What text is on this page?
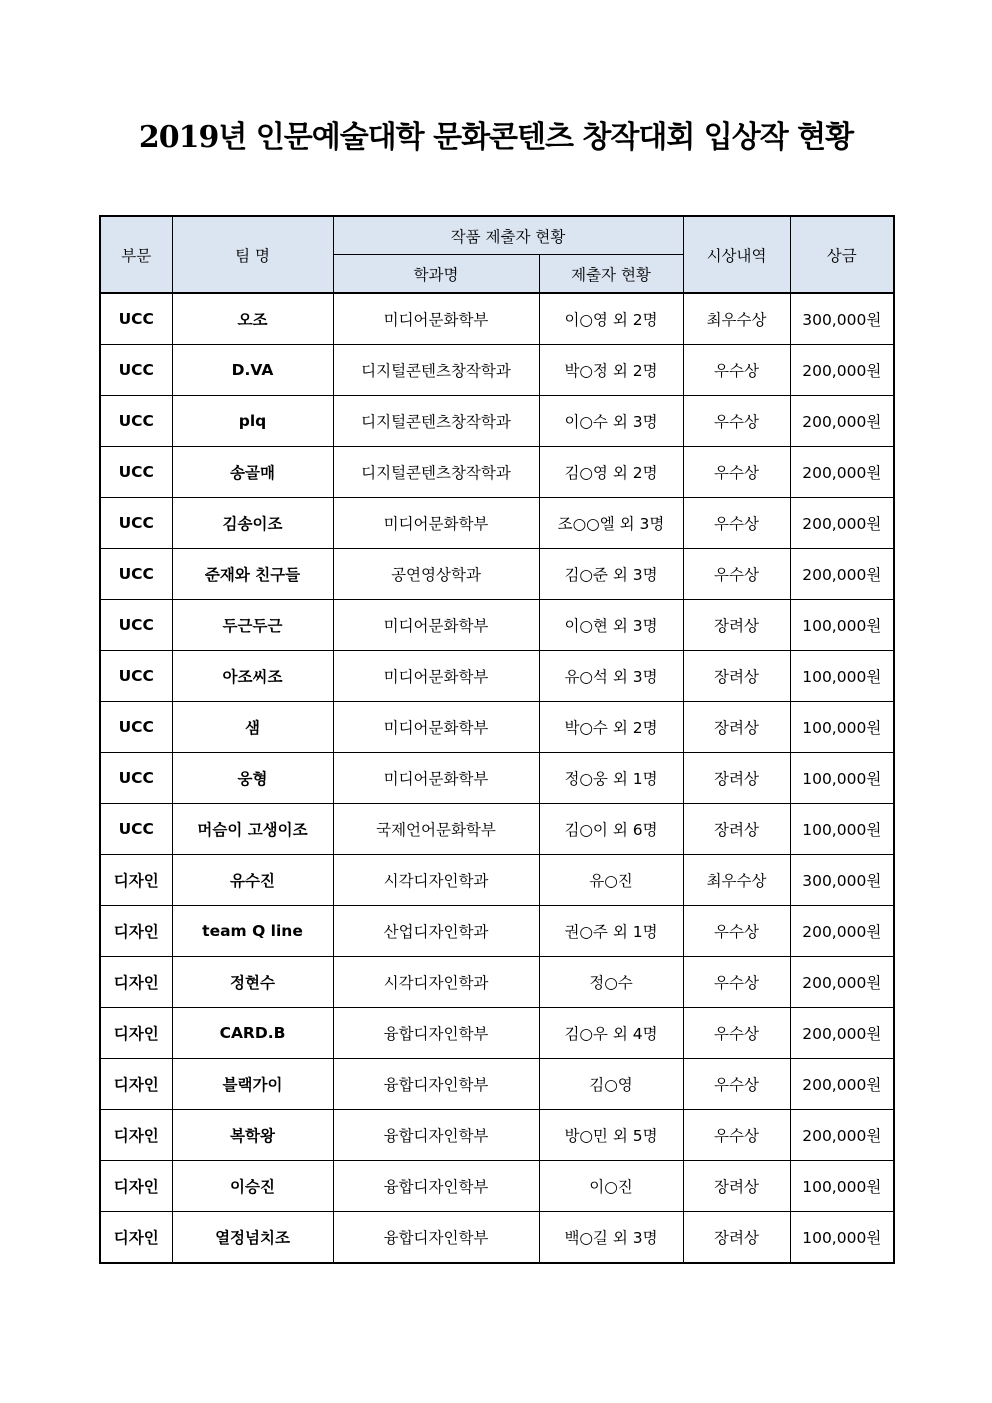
2019년 인문예술대학 문화콘텐츠 창작대회 입상작 현황
부문	팀 명	작품 제출자 현황		시상내역	상금
		학과명	제출자 현황		
UCC	오조	미디어문화학부	이○영 외 2명	최우수상	300,000원
UCC	D.VA	디지털콘텐츠창작학과	박○정 외 2명	우수상	200,000원
UCC	plq	디지털콘텐츠창작학과	이○수 외 3명	우수상	200,000원
UCC	송골매	디지털콘텐츠창작학과	김○영 외 2명	우수상	200,000원
UCC	김송이조	미디어문화학부	조○○엘 외 3명	우수상	200,000원
UCC	준재와 친구들	공연영상학과	김○준 외 3명	우수상	200,000원
UCC	두근두근	미디어문화학부	이○현 외 3명	장려상	100,000원
UCC	아조씨조	미디어문화학부	유○석 외 3명	장려상	100,000원
UCC	샘	미디어문화학부	박○수 외 2명	장려상	100,000원
UCC	웅형	미디어문화학부	정○웅 외 1명	장려상	100,000원
UCC	머슴이 고생이조	국제언어문화학부	김○이 외 6명	장려상	100,000원
디자인	유수진	시각디자인학과	유○진	최우수상	300,000원
디자인	team Q line	산업디자인학과	권○주 외 1명	우수상	200,000원
디자인	정현수	시각디자인학과	정○수	우수상	200,000원
디자인	CARD.B	융합디자인학부	김○우 외 4명	우수상	200,000원
디자인	블랙가이	융합디자인학부	김○영	우수상	200,000원
디자인	복학왕	융합디자인학부	방○민 외 5명	우수상	200,000원
디자인	이승진	융합디자인학부	이○진	장려상	100,000원
디자인	열정넘치조	융합디자인학부	백○길 외 3명	장려상	100,000원
